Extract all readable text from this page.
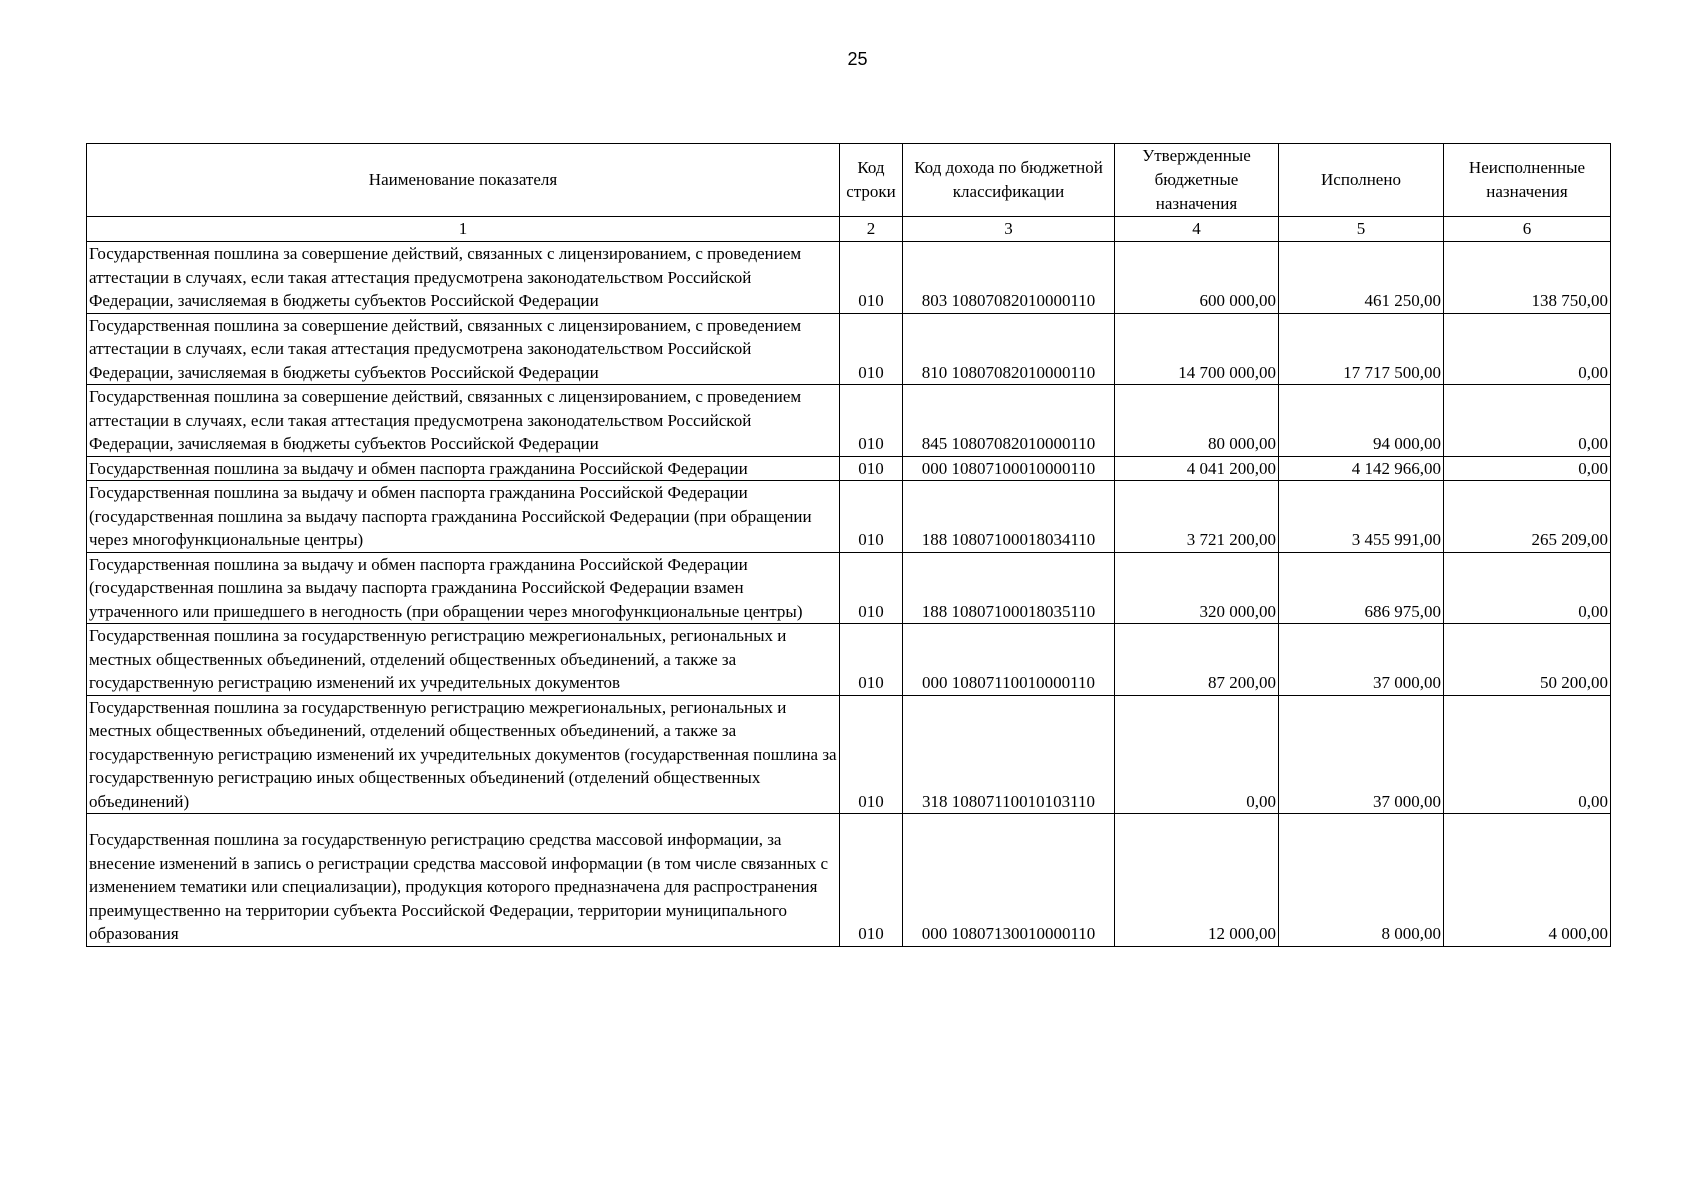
25
Наименование показателя	Код строки	Код дохода по бюджетной классификации	Утвержденные бюджетные назначения	Исполнено	Неисполненные назначения
1	2	3	4	5	6
Государственная пошлина за совершение действий, связанных с лицензированием, с проведением аттестации в случаях, если такая аттестация предусмотрена законодательством Российской Федерации, зачисляемая в бюджеты субъектов Российской Федерации	010	803 10807082010000110	600 000,00	461 250,00	138 750,00
Государственная пошлина за совершение действий, связанных с лицензированием, с проведением аттестации в случаях, если такая аттестация предусмотрена законодательством Российской Федерации, зачисляемая в бюджеты субъектов Российской Федерации	010	810 10807082010000110	14 700 000,00	17 717 500,00	0,00
Государственная пошлина за совершение действий, связанных с лицензированием, с проведением аттестации в случаях, если такая аттестация предусмотрена законодательством Российской Федерации, зачисляемая в бюджеты субъектов Российской Федерации	010	845 10807082010000110	80 000,00	94 000,00	0,00
Государственная пошлина за выдачу и обмен паспорта гражданина Российской Федерации	010	000 10807100010000110	4 041 200,00	4 142 966,00	0,00
Государственная пошлина за выдачу и обмен паспорта гражданина Российской Федерации (государственная пошлина за выдачу паспорта гражданина Российской Федерации (при обращении через многофункциональные центры)	010	188 10807100018034110	3 721 200,00	3 455 991,00	265 209,00
Государственная пошлина за выдачу и обмен паспорта гражданина Российской Федерации (государственная пошлина за выдачу паспорта гражданина Российской Федерации взамен утраченного или пришедшего в негодность (при обращении через многофункциональные центры)	010	188 10807100018035110	320 000,00	686 975,00	0,00
Государственная пошлина за государственную регистрацию межрегиональных, региональных и местных общественных объединений, отделений общественных объединений, а также за государственную регистрацию изменений их учредительных документов	010	000 10807110010000110	87 200,00	37 000,00	50 200,00
Государственная пошлина за государственную регистрацию межрегиональных, региональных и местных общественных объединений, отделений общественных объединений, а также за государственную регистрацию изменений их учредительных документов (государственная пошлина за государственную регистрацию иных общественных объединений (отделений общественных объединений)	010	318 10807110010103110	0,00	37 000,00	0,00
Государственная пошлина за государственную регистрацию средства массовой информации, за внесение изменений в запись о регистрации средства массовой информации (в том числе связанных с изменением тематики или специализации), продукция которого предназначена для распространения преимущественно на территории субъекта Российской Федерации, территории муниципального образования	010	000 10807130010000110	12 000,00	8 000,00	4 000,00
